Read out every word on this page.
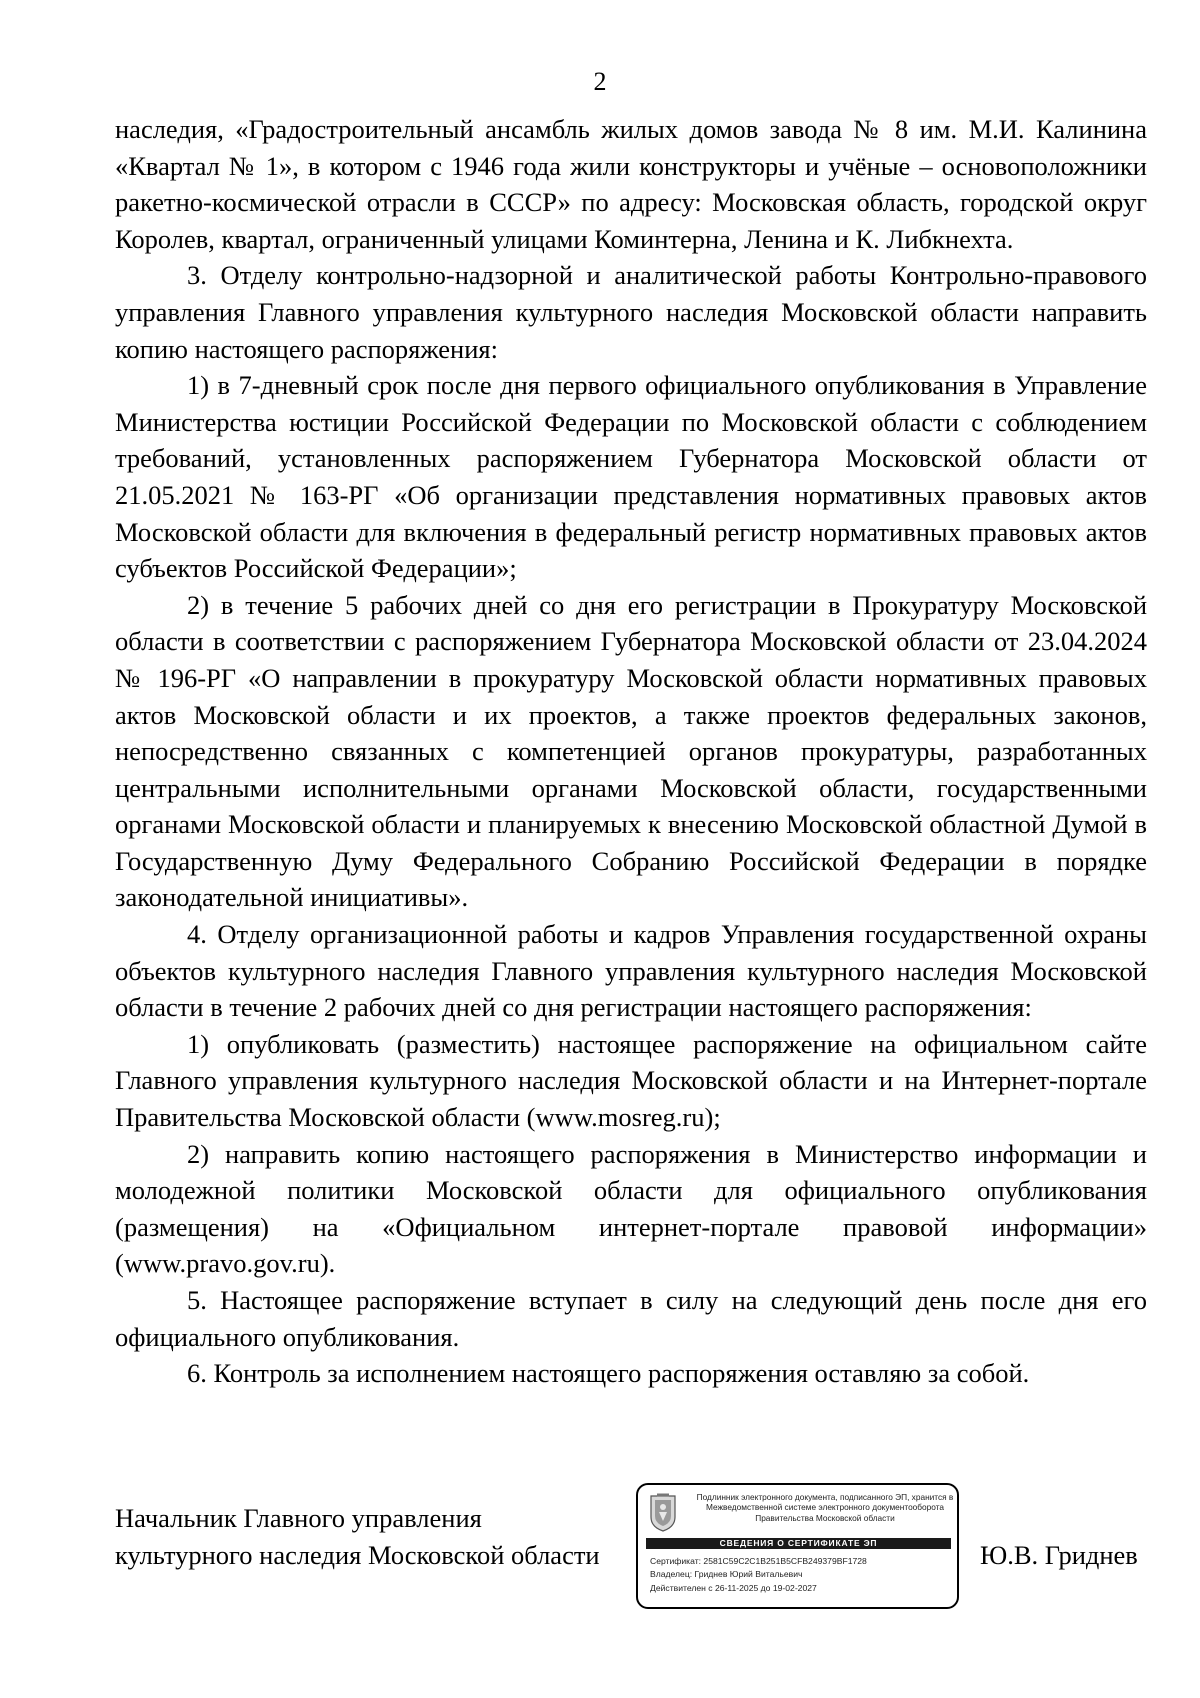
2

наследия, «Градостроительный ансамбль жилых домов завода № 8 им. М.И. Калинина «Квартал № 1», в котором с 1946 года жили конструкторы и учёные – основоположники ракетно-космической отрасли в СССР» по адресу: Московская область, городской округ Королев, квартал, ограниченный улицами Коминтерна, Ленина и К. Либкнехта.

3. Отделу контрольно-надзорной и аналитической работы Контрольно-правового управления Главного управления культурного наследия Московской области направить копию настоящего распоряжения:

1) в 7-дневный срок после дня первого официального опубликования в Управление Министерства юстиции Российской Федерации по Московской области с соблюдением требований, установленных распоряжением Губернатора Московской области от 21.05.2021 № 163-РГ «Об организации представления нормативных правовых актов Московской области для включения в федеральный регистр нормативных правовых актов субъектов Российской Федерации»;

2) в течение 5 рабочих дней со дня его регистрации в Прокуратуру Московской области в соответствии с распоряжением Губернатора Московской области от 23.04.2024 № 196-РГ «О направлении в прокуратуру Московской области нормативных правовых актов Московской области и их проектов, а также проектов федеральных законов, непосредственно связанных с компетенцией органов прокуратуры, разработанных центральными исполнительными органами Московской области, государственными органами Московской области и планируемых к внесению Московской областной Думой в Государственную Думу Федерального Собранию Российской Федерации в порядке законодательной инициативы».

4. Отделу организационной работы и кадров Управления государственной охраны объектов культурного наследия Главного управления культурного наследия Московской области в течение 2 рабочих дней со дня регистрации настоящего распоряжения:

1) опубликовать (разместить) настоящее распоряжение на официальном сайте Главного управления культурного наследия Московской области и на Интернет-портале Правительства Московской области (www.mosreg.ru);

2) направить копию настоящего распоряжения в Министерство информации и молодежной политики Московской области для официального опубликования (размещения) на «Официальном интернет-портале правовой информации» (www.pravo.gov.ru).

5. Настоящее распоряжение вступает в силу на следующий день после дня его официального опубликования.

6. Контроль за исполнением настоящего распоряжения оставляю за собой.

Начальник Главного управления
культурного наследия Московской области
Подлинник электронного документа, подписанного ЭП, хранится в Межведомственной системе электронного документооборота Правительства Московской области
СВЕДЕНИЯ О СЕРТИФИКАТЕ ЭП
Сертификат: 2581C59C2C1B251B5CFB249379BF1728
Владелец: Гриднев Юрий Витальевич
Действителен с 26-11-2025 до 19-02-2027
Ю.В. Гриднев
